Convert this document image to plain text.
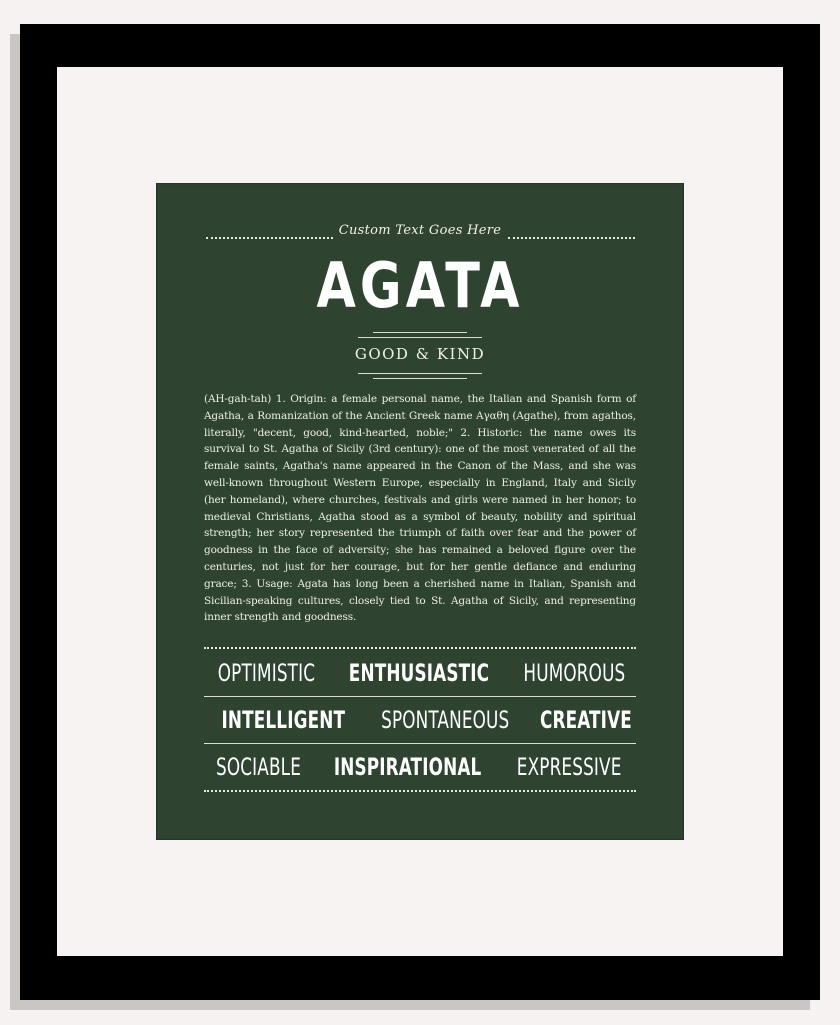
Custom Text Goes Here
AGATA
GOOD & KIND
(AH-gah-tah) 1. Origin: a female personal name, the Italian and Spanish form of Agatha, a Romanization of the Ancient Greek name Αγαθη (Agathe), from agathos, literally, "decent, good, kind-hearted, noble;" 2. Historic: the name owes its survival to St. Agatha of Sicily (3rd century): one of the most venerated of all the female saints, Agatha's name appeared in the Canon of the Mass, and she was well-known throughout Western Europe, especially in England, Italy and Sicily (her homeland), where churches, festivals and girls were named in her honor; to medieval Christians, Agatha stood as a symbol of beauty, nobility and spiritual strength; her story represented the triumph of faith over fear and the power of goodness in the face of adversity; she has remained a beloved figure over the centuries, not just for her courage, but for her gentle defiance and enduring grace; 3. Usage: Agata has long been a cherished name in Italian, Spanish and Sicilian-speaking cultures, closely tied to St. Agatha of Sicily, and representing inner strength and goodness.
OPTIMISTIC ENTHUSIASTIC HUMOROUS
INTELLIGENT SPONTANEOUS CREATIVE
SOCIABLE INSPIRATIONAL EXPRESSIVE
